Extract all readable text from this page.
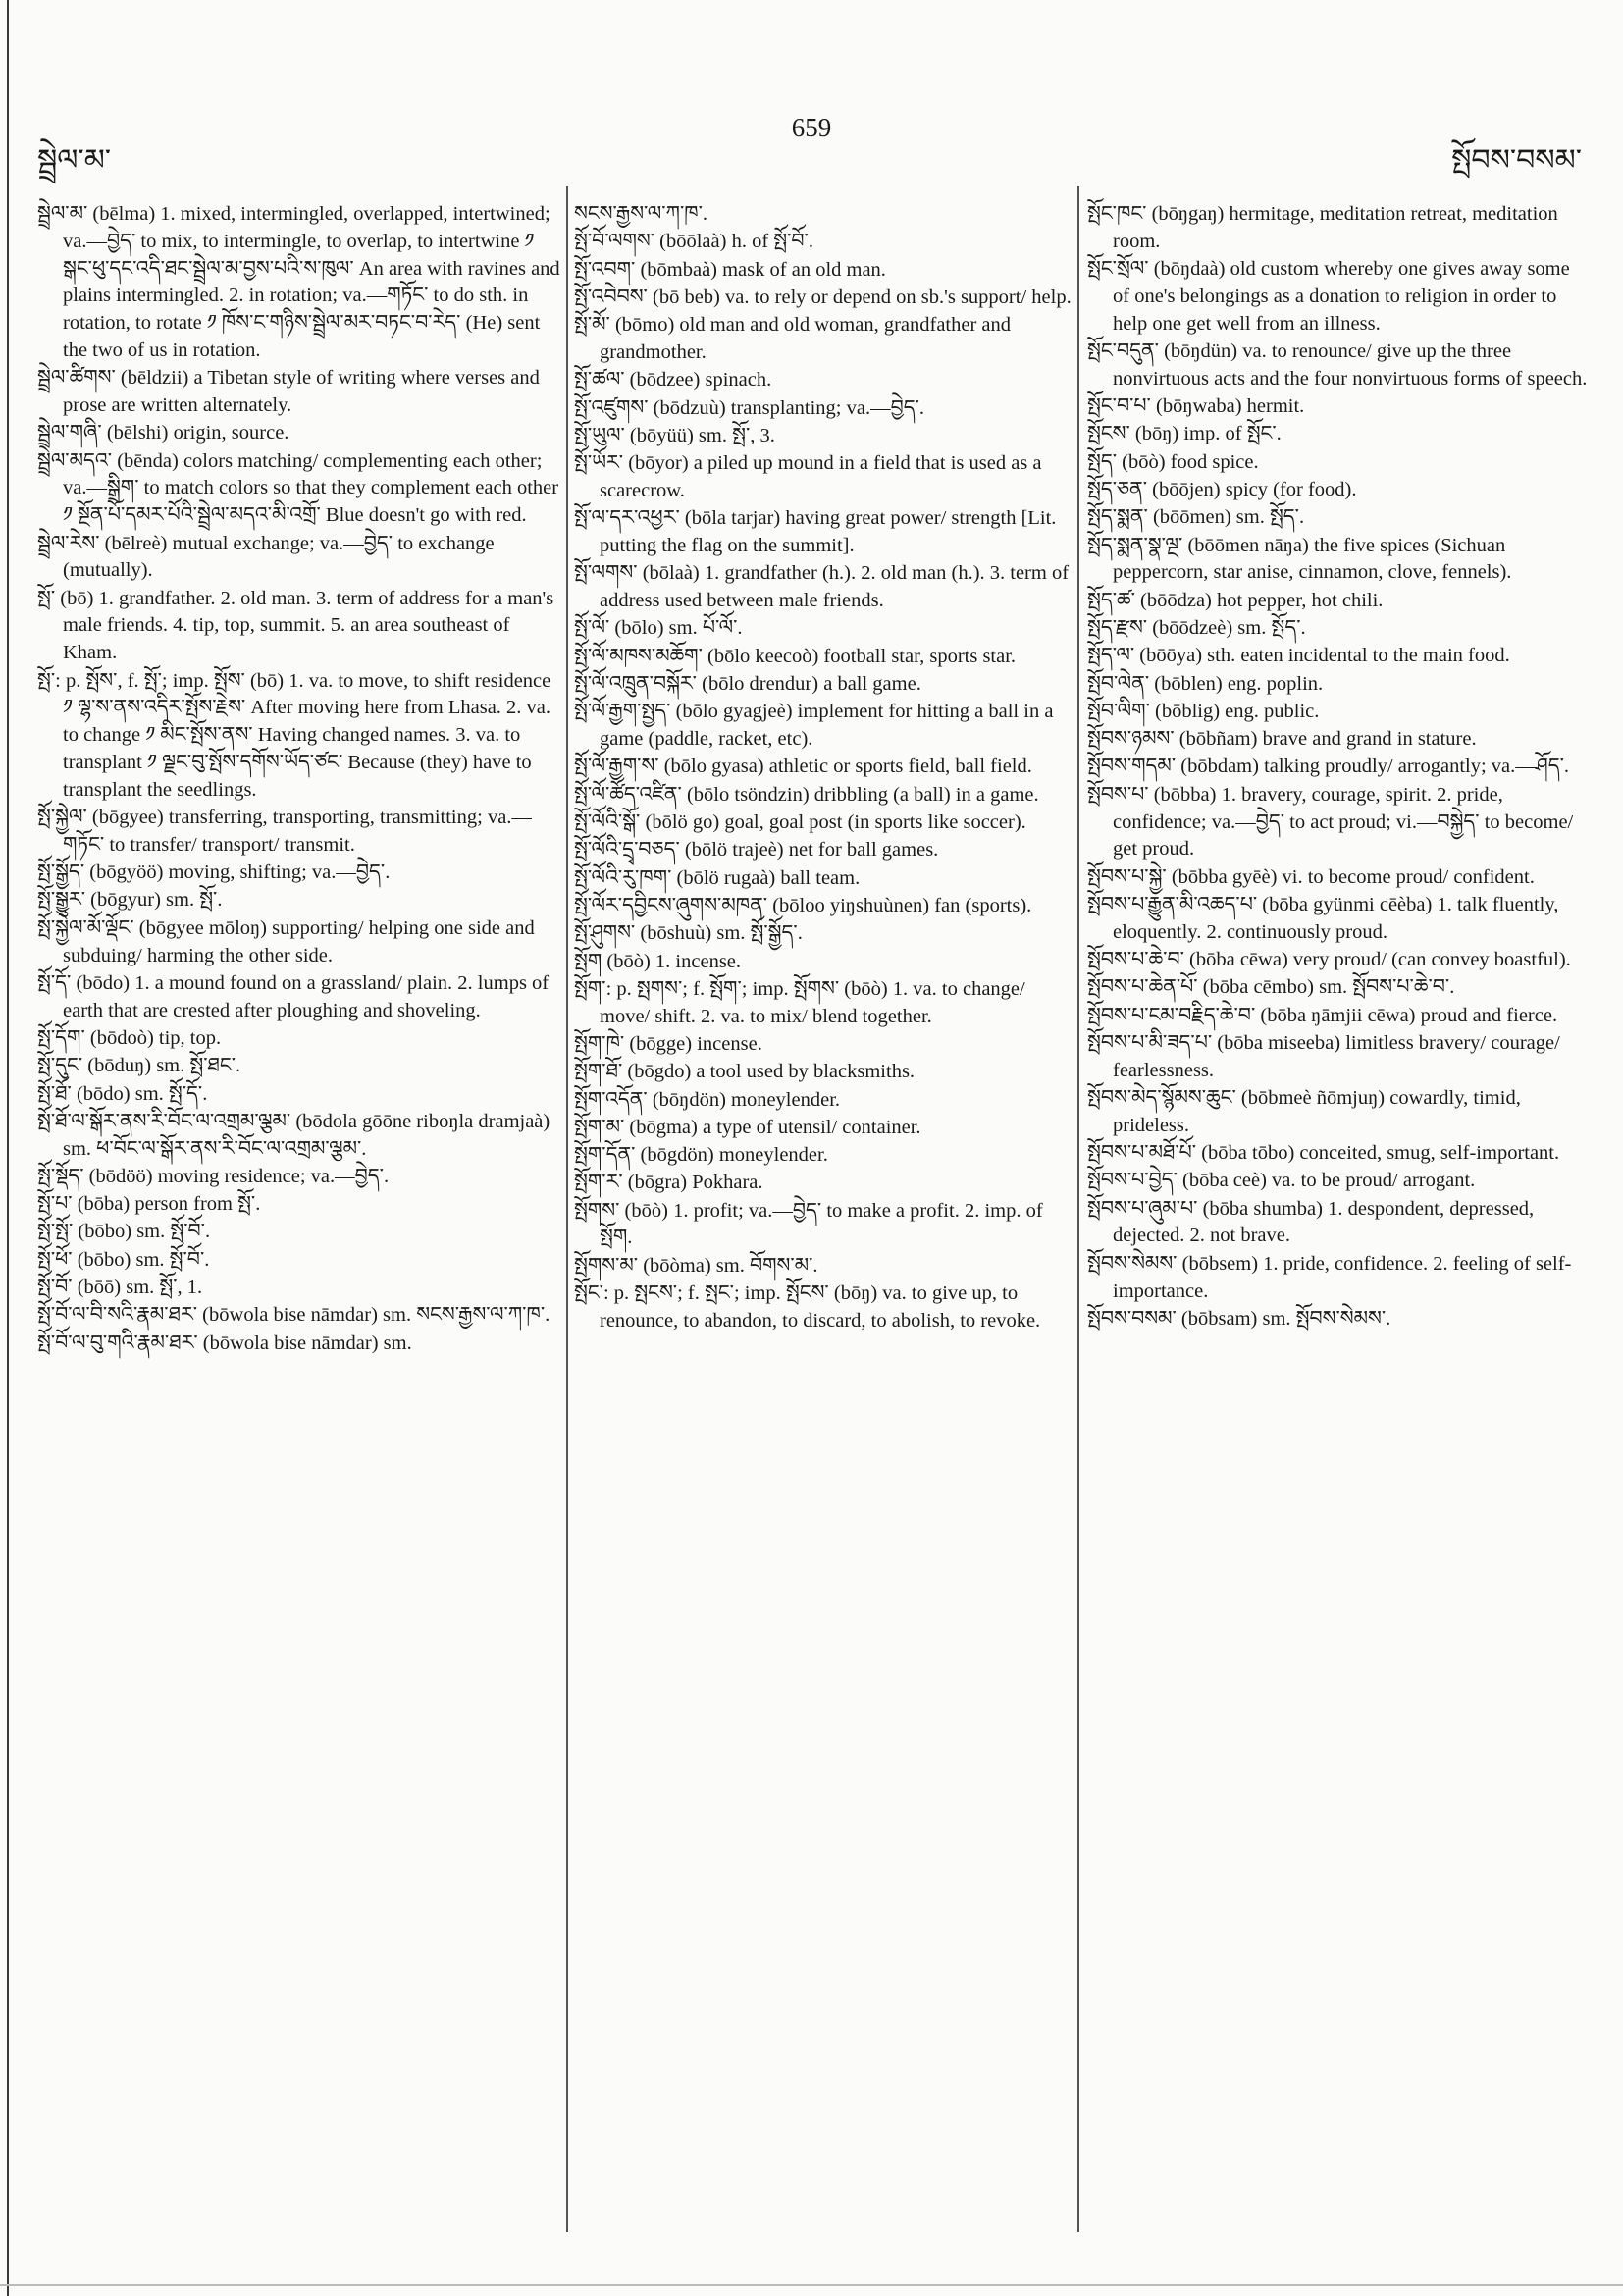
སྦྲེལ་མ་
659
སྤོབས་བསམ་
སྦྲེལ་མ་ (bēlma) 1. mixed, intermingled, overlapped, intertwined; va.—བྱེད་ to mix, to intermingle, to overlap, to intertwine ༡ སྒང་ཕུ་དང་འདི་ཐང་སྦྲེལ་མ་བྱས་པའི་ས་ཁུལ་ An area with ravines and plains intermingled. 2. in rotation; va.—གཏོང་ to do sth. in rotation, to rotate ༡ ཁོས་ང་གཉིས་སྦྲེལ་མར་བཏང་བ་རེད་ (He) sent the two of us in rotation.
སྦྲེལ་ཚིགས་ (bēldzii) a Tibetan style of writing where verses and prose are written alternately.
སྦྲེལ་གཞི་ (bēlshi) origin, source.
སྦྲེལ་མདའ་ (bēnda) colors matching/ complementing each other; va.—སྒྲིག་ to match colors so that they complement each other ༡ སྔོན་པོ་དམར་པོའི་སྦྲེལ་མདའ་མི་འགྲོ་ Blue doesn't go with red.
སྦྲེལ་རེས་ (bēlreè) mutual exchange; va.—བྱེད་ to exchange (mutually).
སྤོ་ (bō) 1. grandfather. 2. old man. 3. term of address for a man's male friends. 4. tip, top, summit. 5. an area southeast of Kham.
སྤོ་: p. སྤོས་, f. སྤོ་; imp. སྤོས་ (bō) 1. va. to move, to shift residence ༡ ལྷ་ས་ནས་འདིར་སྤོས་རྗེས་ After moving here from Lhasa. 2. va. to change ༡ མིང་སྤོས་ནས་ Having changed names. 3. va. to transplant ༡ ལྗང་བུ་སྤོས་དགོས་ཡོད་ཙང་ Because (they) have to transplant the seedlings.
སྤོ་སྐྱེལ་ (bōgyee) transferring, transporting, transmitting; va.—གཏོང་ to transfer/ transport/ transmit.
སྤོ་སྒྱོད་ (bōgyöö) moving, shifting; va.—བྱེད་.
སྤོ་སྒྱུར་ (bōgyur) sm. སྤོ་.
སྤོ་སྐྱེལ་མོ་ལྡོང་ (bōgyee mōloŋ) supporting/ helping one side and subduing/ harming the other side.
སྤོ་དོ་ (bōdo) 1. a mound found on a grassland/ plain. 2. lumps of earth that are crested after ploughing and shoveling.
སྤོ་དོག་ (bōdoò) tip, top.
སྤོ་དུང་ (bōduŋ) sm. སྤོ་ཐང་.
སྤོ་ཐོ་ (bōdo) sm. སྤོ་དོ་.
སྤོ་ཐོ་ལ་སྒོར་ནས་རི་བོང་ལ་འགྲམ་ལྕམ་ (bōdola gōōne riboŋla dramjaà) sm. ཕ་བོང་ལ་སྒོར་ནས་རི་བོང་ལ་འགྲམ་ལྕམ་.
སྤོ་སྡོད་ (bōdöö) moving residence; va.—བྱེད་.
སྤོ་པ་ (bōba) person from སྤོ་.
སྤོ་སྤོ་ (bōbo) sm. སྤོ་བོ་.
སྤོ་ཕོ་ (bōbo) sm. སྤོ་བོ་.
སྤོ་བོ་ (bōō) sm. སྤོ་, 1.
སྤོ་བོ་ལ་བི་སའི་རྣམ་ཐར་ (bōwola bise nāmdar) sm. སངས་རྒྱས་ལ་ཀ་ཁ་.
སྤོ་བོ་ལ་བུ་གའི་རྣམ་ཐར་ (bōwola bise nāmdar) sm.
སངས་རྒྱས་ལ་ཀ་ཁ་.
སྤོ་བོ་ལགས་ (bōōlaà) h. of སྤོ་བོ་.
སྤོ་འབག་ (bōmbaà) mask of an old man.
སྤོ་འབེབས་ (bō beb) va. to rely or depend on sb.'s support/ help.
སྤོ་མོ་ (bōmo) old man and old woman, grandfather and grandmother.
སྤོ་ཚལ་ (bōdzee) spinach.
སྤོ་འཛུགས་ (bōdzuù) transplanting; va.—བྱེད་.
སྤོ་ཡུལ་ (bōyüü) sm. སྤོ་, 3.
སྤོ་ཡོར་ (bōyor) a piled up mound in a field that is used as a scarecrow.
སྤོ་ལ་དར་འཕྱར་ (bōla tarjar) having great power/ strength [Lit. putting the flag on the summit].
སྤོ་ལགས་ (bōlaà) 1. grandfather (h.). 2. old man (h.). 3. term of address used between male friends.
སྤོ་ལོ་ (bōlo) sm. པོ་ལོ་.
སྤོ་ལོ་མཁས་མཆོག་ (bōlo keecoò) football star, sports star.
སྤོ་ལོ་འཁྲུན་བསྐོར་ (bōlo drendur) a ball game.
སྤོ་ལོ་རྒྱག་སྤྱད་ (bōlo gyagjeè) implement for hitting a ball in a game (paddle, racket, etc).
སྤོ་ལོ་རྒྱག་ས་ (bōlo gyasa) athletic or sports field, ball field.
སྤོ་ལོ་ཚོད་འཛིན་ (bōlo tsöndzin) dribbling (a ball) in a game.
སྤོ་ལོའི་སྒོ་ (bōlö go) goal, goal post (in sports like soccer).
སྤོ་ལོའི་དྲྭ་བཅད་ (bōlö trajeè) net for ball games.
སྤོ་ལོའི་རུ་ཁག་ (bōlö rugaà) ball team.
སྤོ་ལོར་དབྱིངས་ཞུགས་མཁན་ (bōloo yiŋshuùnen) fan (sports).
སྤོ་ཤུགས་ (bōshuù) sm. སྤོ་སྒྱོད་.
སྤོག (bōò) 1. incense.
སྤོག་: p. སྤགས་; f. སྤོག་; imp. སྤོགས་ (bōò) 1. va. to change/ move/ shift. 2. va. to mix/ blend together.
སྤོག་ཁེ་ (bōgge) incense.
སྤོག་ཐོ་ (bōgdo) a tool used by blacksmiths.
སྤོག་འདོན་ (bōŋdön) moneylender.
སྤོག་མ་ (bōgma) a type of utensil/ container.
སྤོག་དོན་ (bōgdön) moneylender.
སྤོག་ར་ (bōgra) Pokhara.
སྤོགས་ (bōò) 1. profit; va.—བྱེད་ to make a profit. 2. imp. of སྤོག.
སྤོགས་མ་ (bōòma) sm. བོགས་མ་.
སྤོང་: p. སྤངས་; f. སྤང་; imp. སྤོངས་ (bōŋ) va. to give up, to renounce, to abandon, to discard, to abolish, to revoke.
སྤོང་ཁང་ (bōŋgaŋ) hermitage, meditation retreat, meditation room.
སྤོང་སྲོལ་ (bōŋdaà) old custom whereby one gives away some of one's belongings as a donation to religion in order to help one get well from an illness.
སྤོང་བདུན་ (bōŋdün) va. to renounce/ give up the three nonvirtuous acts and the four nonvirtuous forms of speech.
སྤོང་བ་པ་ (bōŋwaba) hermit.
སྤོངས་ (bōŋ) imp. of སྤོང་.
སྤོད་ (bōò) food spice.
སྤོད་ཅན་ (bōōjen) spicy (for food).
སྤོད་སྨན་ (bōōmen) sm. སྤོད་.
སྤོད་སྨན་སྣ་ལྔ་ (bōōmen nāŋa) the five spices (Sichuan peppercorn, star anise, cinnamon, clove, fennels).
སྤོད་ཚ་ (bōōdza) hot pepper, hot chili.
སྤོད་རྫས་ (bōōdzeè) sm. སྤོད་.
སྤོད་ལ་ (bōōya) sth. eaten incidental to the main food.
སྤོབ་ལེན་ (bōblen) eng. poplin.
སྤོབ་ལིག་ (bōblig) eng. public.
སྤོབས་ཉམས་ (bōbñam) brave and grand in stature.
སྤོབས་གདམ་ (bōbdam) talking proudly/ arrogantly; va.—ཤོད་.
སྤོབས་པ་ (bōbba) 1. bravery, courage, spirit. 2. pride, confidence; va.—བྱེད་ to act proud; vi.—བསྐྱེད་ to become/ get proud.
སྤོབས་པ་སྐྱེ་ (bōbba gyēè) vi. to become proud/ confident.
སྤོབས་པ་རྒྱུན་མི་འཆད་པ་ (bōba gyünmi cēèba) 1. talk fluently, eloquently. 2. continuously proud.
སྤོབས་པ་ཆེ་བ་ (bōba cēwa) very proud/ (can convey boastful).
སྤོབས་པ་ཆེན་པོ་ (bōba cēmbo) sm. སྤོབས་པ་ཆེ་བ་.
སྤོབས་པ་ངམ་བརྗིད་ཆེ་བ་ (bōba ŋāmjii cēwa) proud and fierce.
སྤོབས་པ་མི་ཟད་པ་ (bōba miseeba) limitless bravery/ courage/ fearlessness.
སྤོབས་མེད་སྙོམས་ཆུང་ (bōbmeè ñōmjuŋ) cowardly, timid, prideless.
སྤོབས་པ་མཐོ་པོ་ (bōba tōbo) conceited, smug, self-important.
སྤོབས་པ་བྱེད་ (bōba ceè) va. to be proud/ arrogant.
སྤོབས་པ་ཞུམ་པ་ (bōba shumba) 1. despondent, depressed, dejected. 2. not brave.
སྤོབས་སེམས་ (bōbsem) 1. pride, confidence. 2. feeling of self-importance.
སྤོབས་བསམ་ (bōbsam) sm. སྤོབས་སེམས་.
